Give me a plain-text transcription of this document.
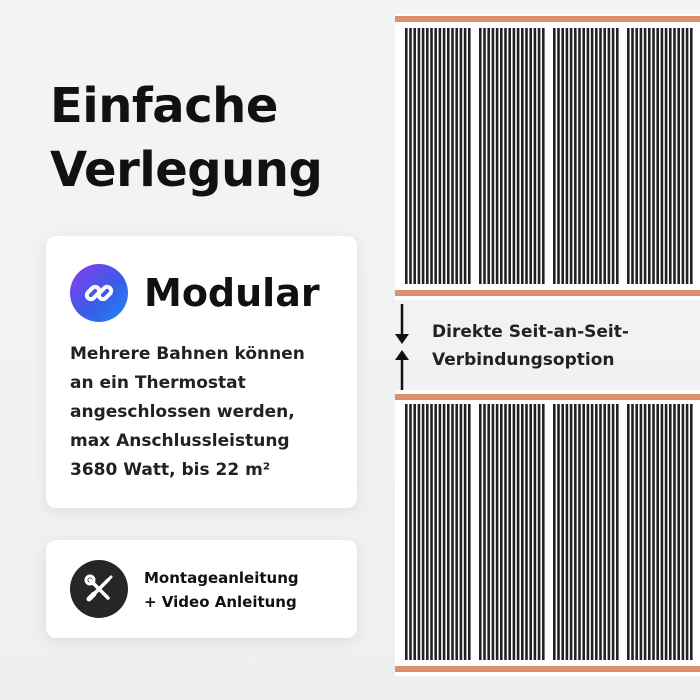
Einfache
Verlegung
Modular

Mehrere Bahnen können
an ein Thermostat
angeschlossen werden,
max Anschlussleistung
3680 Watt, bis 22 m²

Montageanleitung
+ Video Anleitung

Direkte Seit-an-Seit-
Verbindungsoption
